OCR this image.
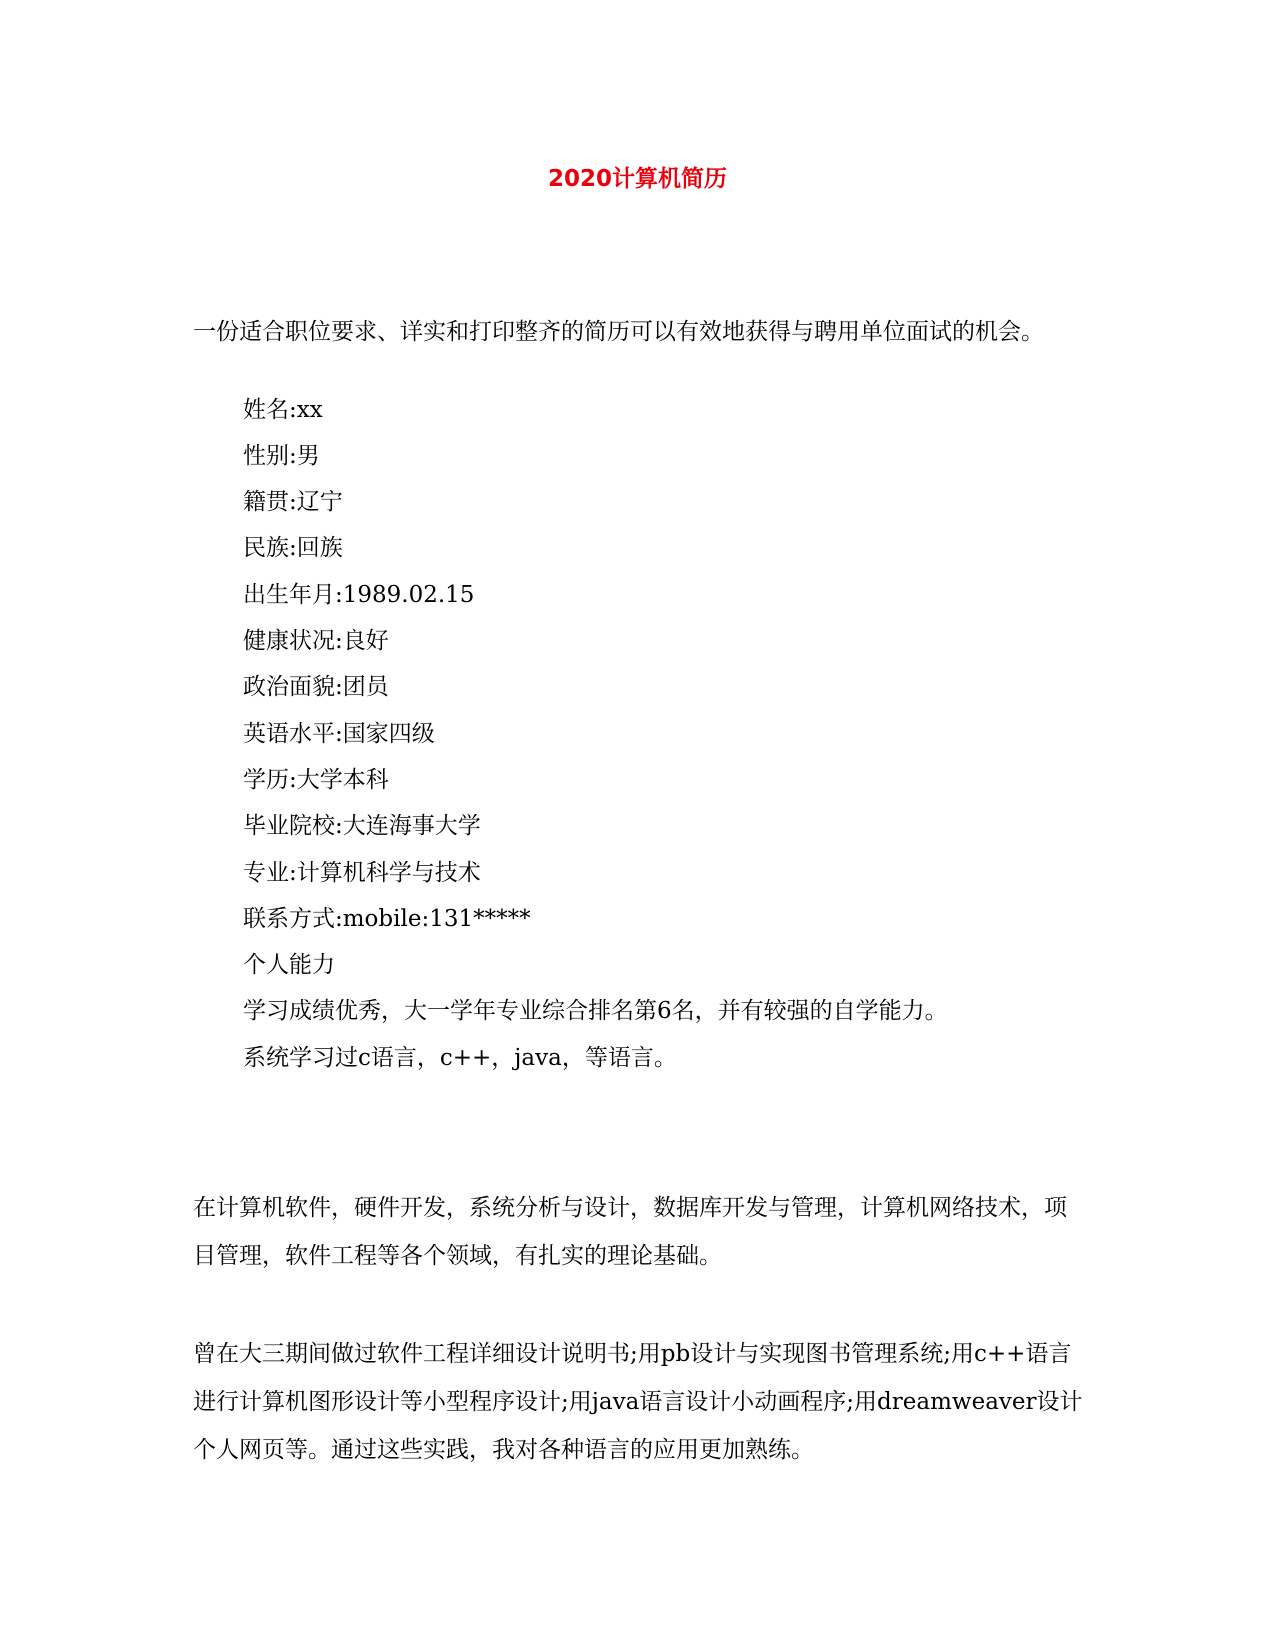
2020计算机简历

一份适合职位要求、详实和打印整齐的简历可以有效地获得与聘用单位面试的机会。

姓名:xx
性别:男
籍贯:辽宁
民族:回族
出生年月:1989.02.15
健康状况:良好
政治面貌:团员
英语水平:国家四级
学历:大学本科
毕业院校:大连海事大学
专业:计算机科学与技术
联系方式:mobile:131*****
个人能力
学习成绩优秀，大一学年专业综合排名第6名，并有较强的自学能力。
系统学习过c语言，c++，java，等语言。

在计算机软件，硬件开发，系统分析与设计，数据库开发与管理，计算机网络技术，项目管理，软件工程等各个领域，有扎实的理论基础。

曾在大三期间做过软件工程详细设计说明书;用pb设计与实现图书管理系统;用c++语言进行计算机图形设计等小型程序设计;用java语言设计小动画程序;用dreamweaver设计个人网页等。通过这些实践，我对各种语言的应用更加熟练。
